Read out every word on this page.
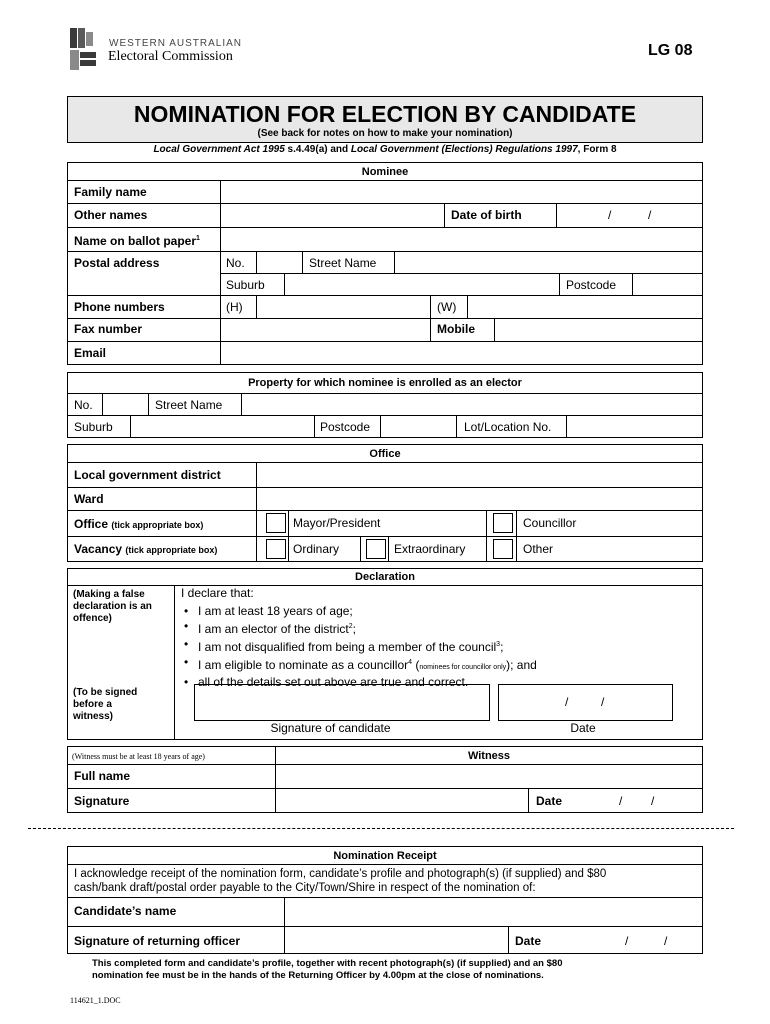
WESTERN AUSTRALIAN
Electoral Commission	LG 08
NOMINATION FOR ELECTION BY CANDIDATE
(See back for notes on how to make your nomination)
Local Government Act 1995 s.4.49(a) and Local Government (Elections) Regulations 1997, Form 8
Nominee
Family name
Other names	Date of birth	/	/
Name on ballot paper$^1$
Postal address	No.	Street Name
Suburb	Postcode
Phone numbers	(H)	(W)
Fax number	Mobile
Email
Property for which nominee is enrolled as an elector
No.	Street Name
Suburb	Postcode	Lot/Location No.
Office
Local government district
Ward
Office (tick appropriate box)	Mayor/President	Councillor
Vacancy (tick appropriate box)	Ordinary	Extraordinary	Other
Declaration
(Making a false
declaration is an
offence)
I declare that:
• I am at least 18 years of age;
• I am an elector of the district$^2$;
• I am not disqualified from being a member of the council$^3$;
• I am eligible to nominate as a councillor$^4$ (nominees for councillor only); and
• all of the details set out above are true and correct.
(To be signed
before a
witness)
/	/
Signature of candidate	Date
(Witness must be at least 18 years of age)	Witness
Full name
Signature	Date	/ /
Nomination Receipt
I acknowledge receipt of the nomination form, candidate’s profile and photograph(s) (if supplied) and $80
cash/bank draft/postal order payable to the City/Town/Shire in respect of the nomination of:
Candidate’s name
Signature of returning officer	Date	/	/
This completed form and candidate’s profile, together with recent photograph(s) (if supplied) and an $80
nomination fee must be in the hands of the Returning Officer by 4.00pm at the close of nominations.
114621_1.DOC
